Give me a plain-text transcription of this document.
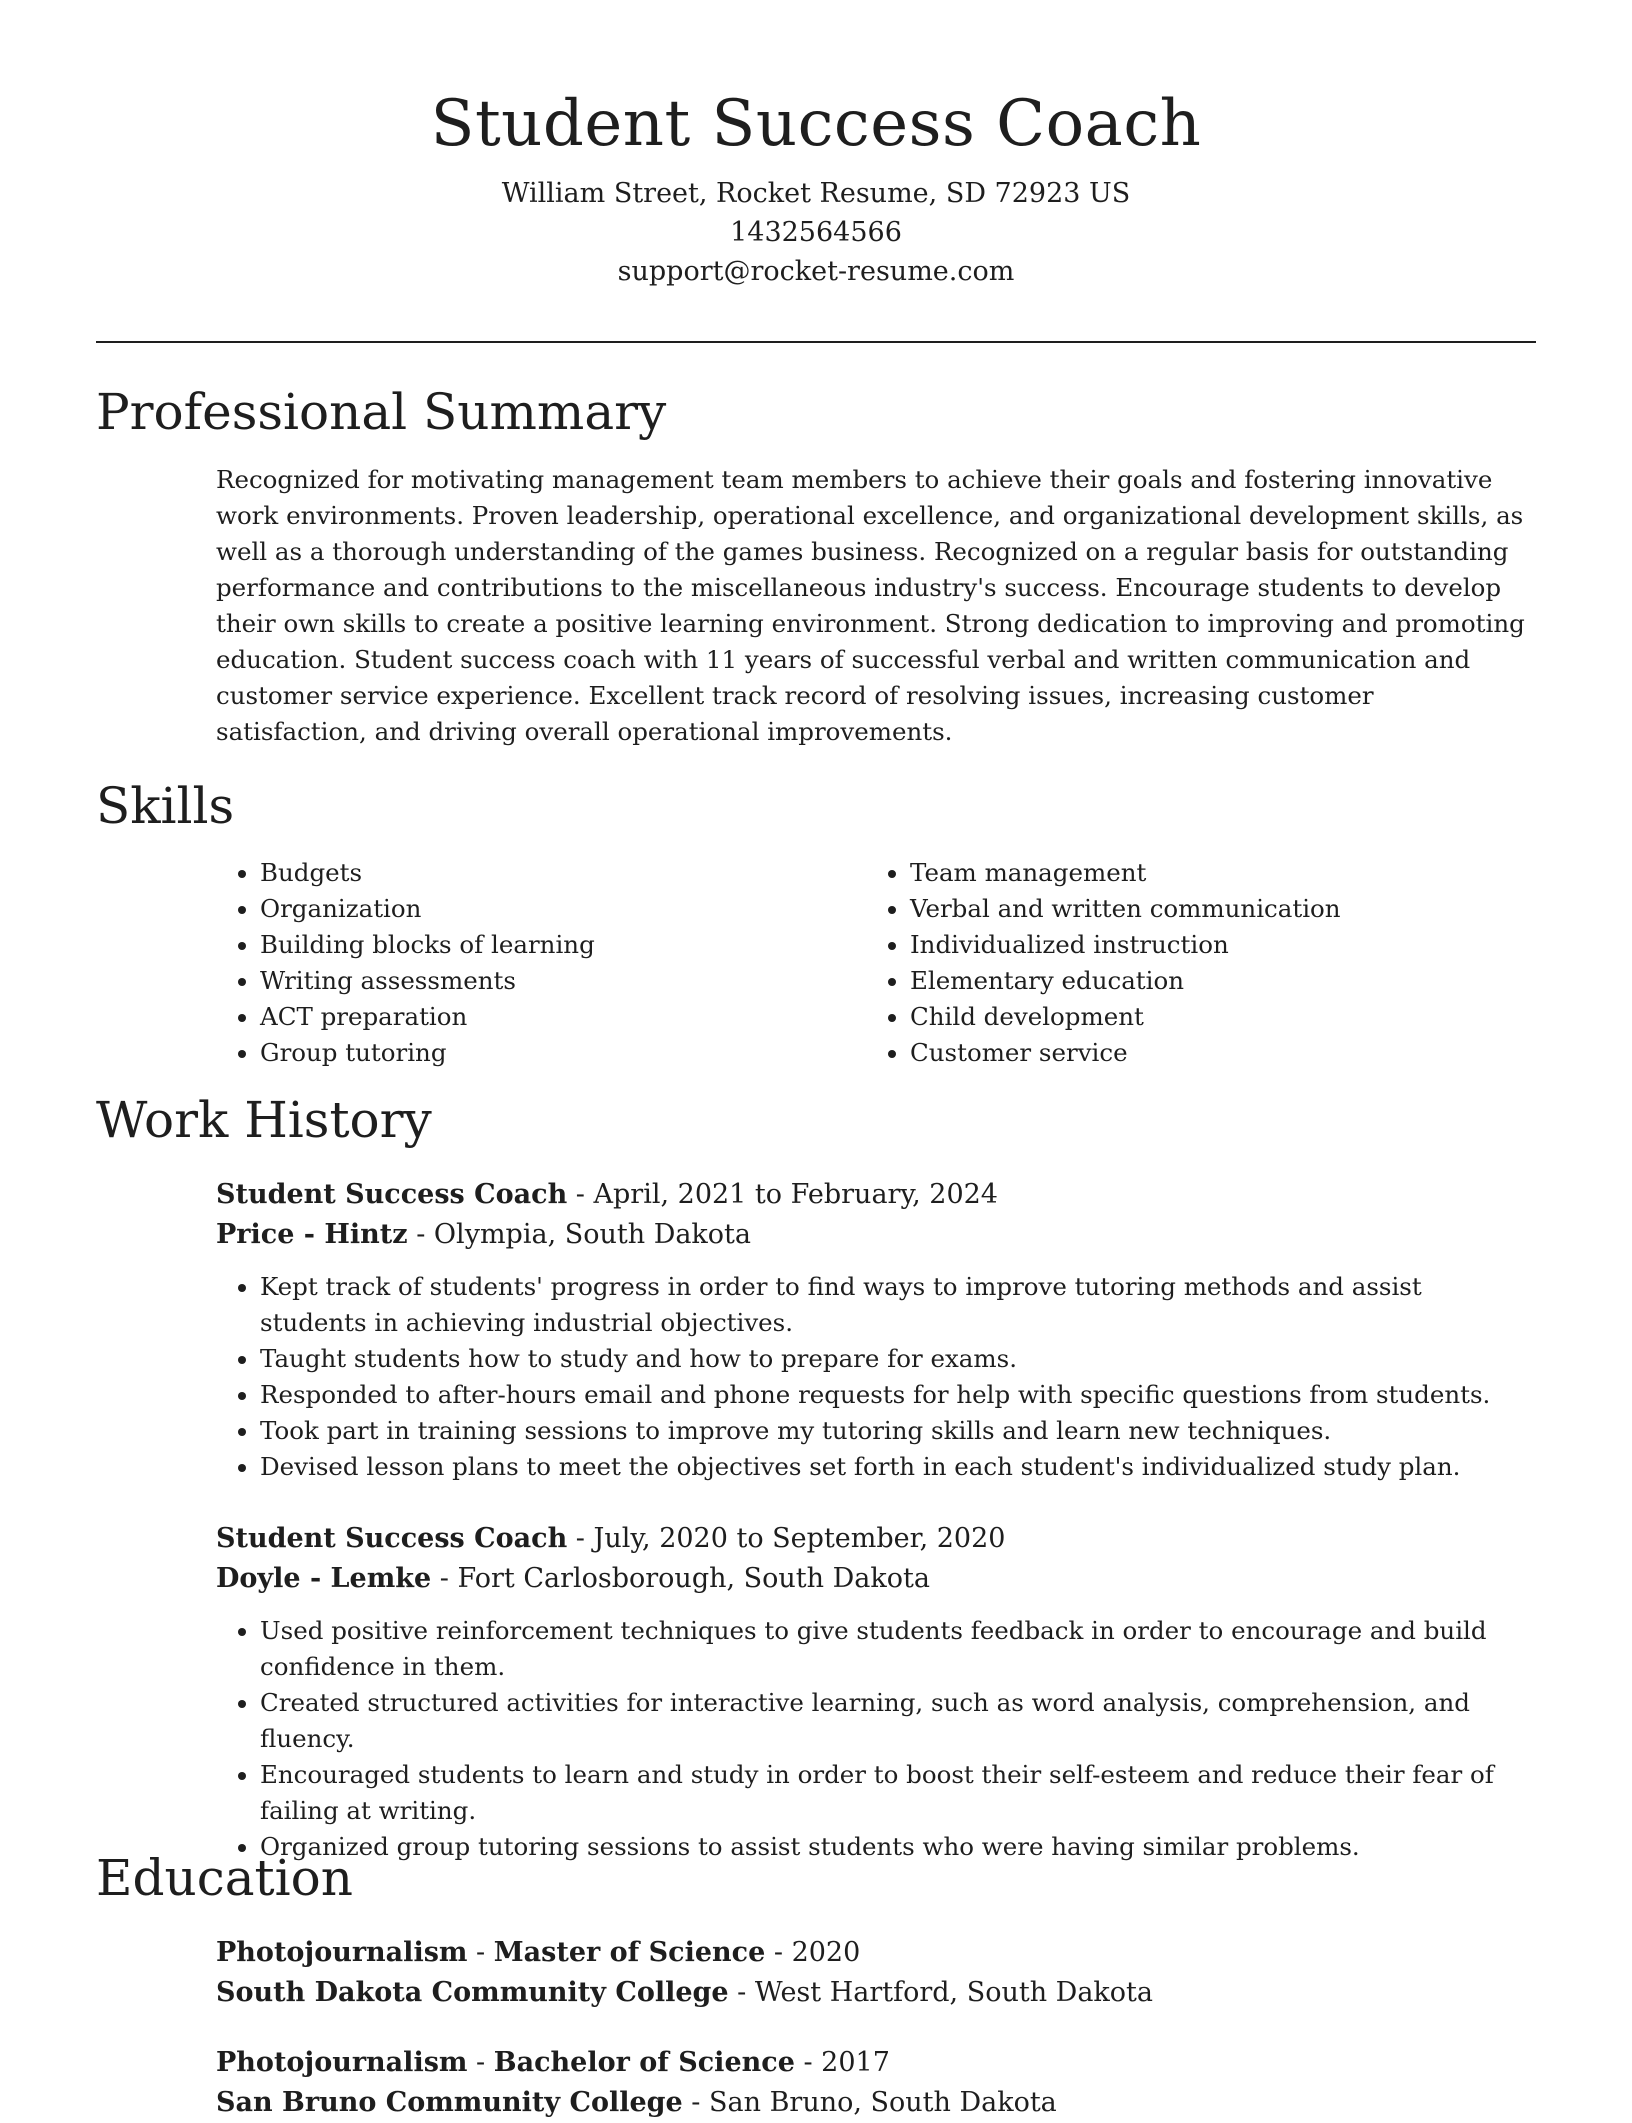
Student Success Coach
William Street, Rocket Resume, SD 72923 US
1432564566
support@rocket-resume.com
Professional Summary

Recognized for motivating management team members to achieve their goals and fostering innovative work environments. Proven leadership, operational excellence, and organizational development skills, as well as a thorough understanding of the games business. Recognized on a regular basis for outstanding performance and contributions to the miscellaneous industry's success. Encourage students to develop their own skills to create a positive learning environment. Strong dedication to improving and promoting education. Student success coach with 11 years of successful verbal and written communication and customer service experience. Excellent track record of resolving issues, increasing customer satisfaction, and driving overall operational improvements.

Skills
• Budgets
• Organization
• Building blocks of learning
• Writing assessments
• ACT preparation
• Group tutoring
• Team management
• Verbal and written communication
• Individualized instruction
• Elementary education
• Child development
• Customer service
Work History
Student Success Coach - April, 2021 to February, 2024
Price - Hintz - Olympia, South Dakota
• Kept track of students' progress in order to find ways to improve tutoring methods and assist students in achieving industrial objectives.
• Taught students how to study and how to prepare for exams.
• Responded to after-hours email and phone requests for help with specific questions from students.
• Took part in training sessions to improve my tutoring skills and learn new techniques.
• Devised lesson plans to meet the objectives set forth in each student's individualized study plan.
Student Success Coach - July, 2020 to September, 2020
Doyle - Lemke - Fort Carlosborough, South Dakota
• Used positive reinforcement techniques to give students feedback in order to encourage and build confidence in them.
• Created structured activities for interactive learning, such as word analysis, comprehension, and fluency.
• Encouraged students to learn and study in order to boost their self-esteem and reduce their fear of failing at writing.
• Organized group tutoring sessions to assist students who were having similar problems.
Education
Photojournalism - Master of Science - 2020
South Dakota Community College - West Hartford, South Dakota
Photojournalism - Bachelor of Science - 2017
San Bruno Community College - San Bruno, South Dakota
